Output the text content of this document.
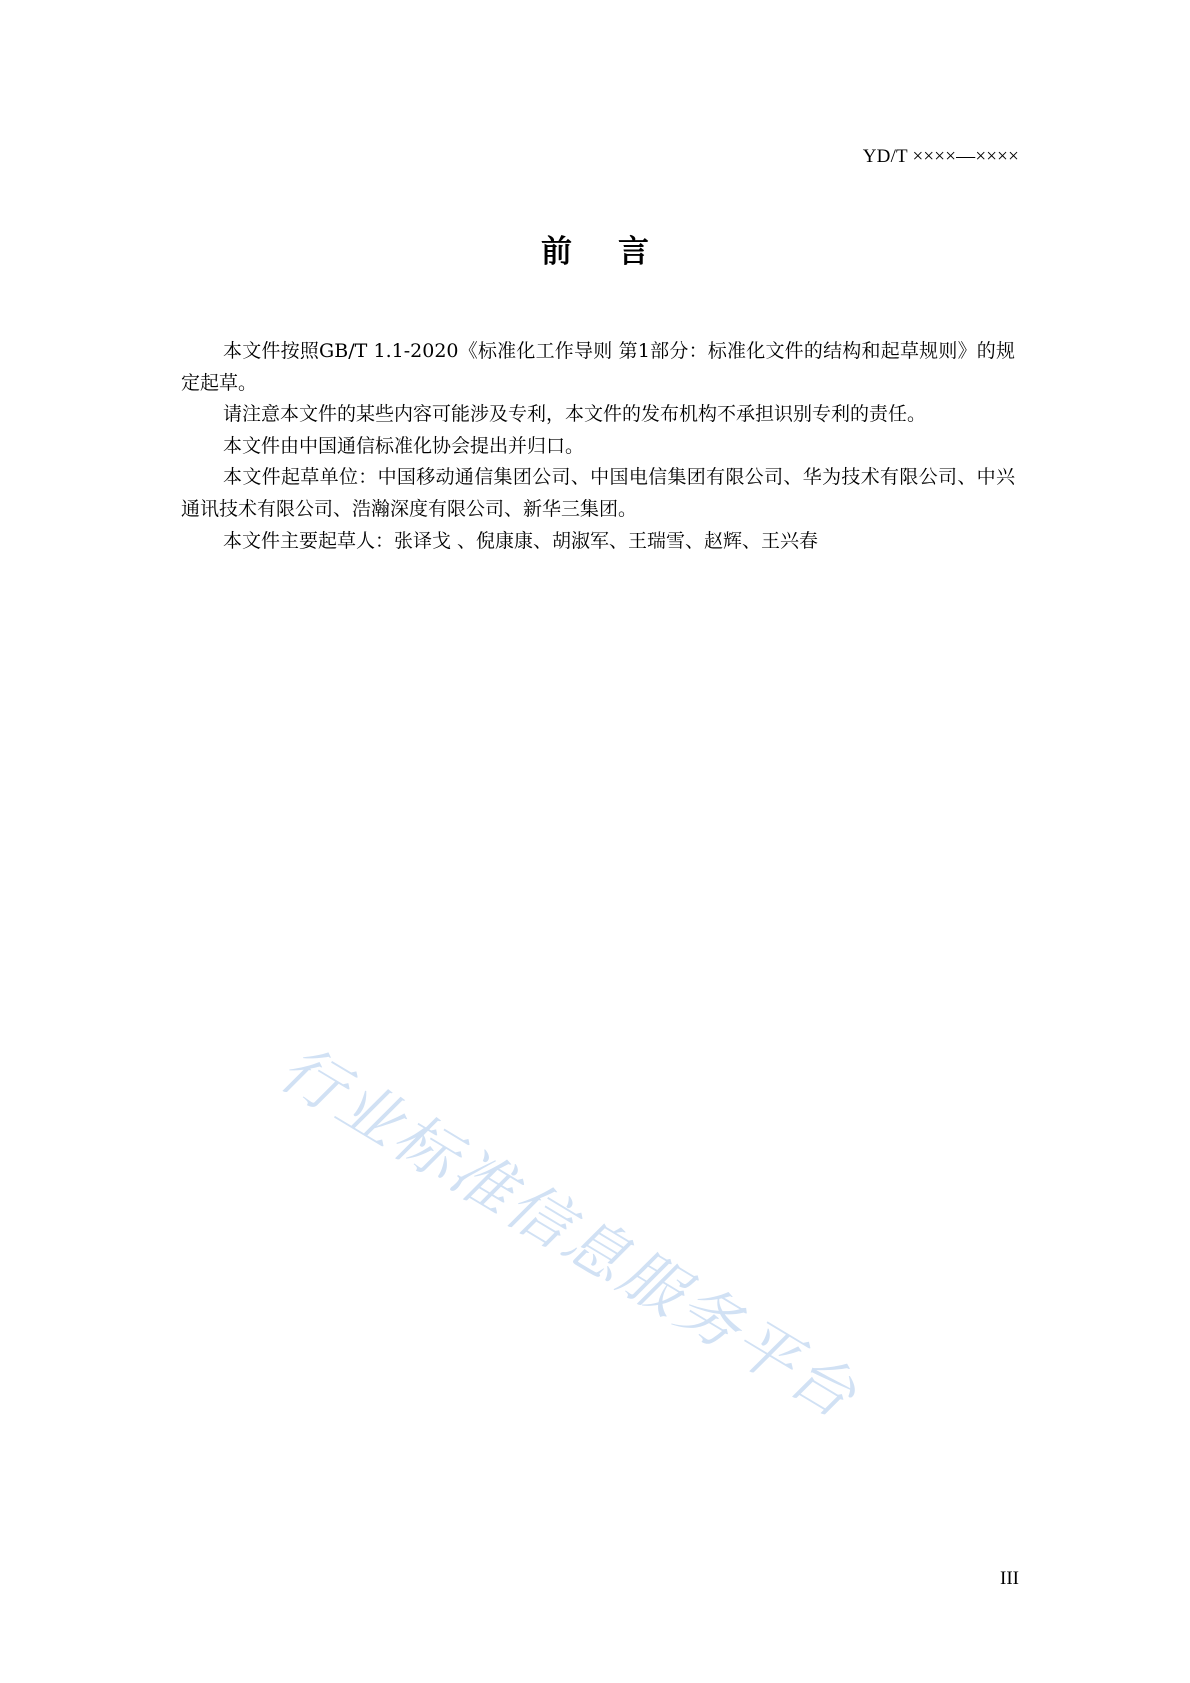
YD/T ××××—××××
前言

本文件按照GB/T 1.1-2020《标准化工作导则 第1部分：标准化文件的结构和起草规则》的规定起草。

请注意本文件的某些内容可能涉及专利，本文件的发布机构不承担识别专利的责任。

本文件由中国通信标准化协会提出并归口。

本文件起草单位：中国移动通信集团公司、中国电信集团有限公司、华为技术有限公司、中兴通讯技术有限公司、浩瀚深度有限公司、新华三集团。

本文件主要起草人：张译戈 、倪康康、胡淑军、王瑞雪、赵辉、王兴春

行业标准信息服务平台
III
